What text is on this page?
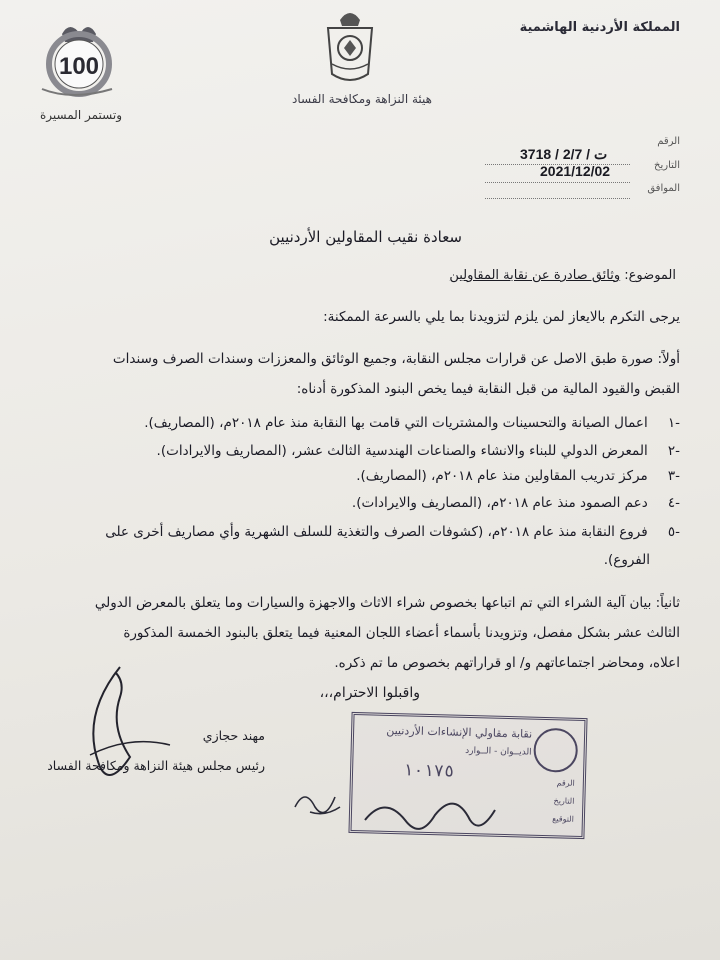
100
وتستمر المسيرة
هيئة النزاهة ومكافحة الفساد
المملكة الأردنية الهاشمية
الرقم
3718 / ت / 2/7
التاريخ
2021/12/02
الموافق
سعادة نقيب المقاولين الأردنيين
الموضوع: وثائق صادرة عن نقابة المقاولين
يرجى التكرم بالايعاز لمن يلزم لتزويدنا بما يلي بالسرعة الممكنة:
أولاً: صورة طبق الاصل عن قرارات مجلس النقابة، وجميع الوثائق والمعززات وسندات الصرف وسندات
القبض والقيود المالية من قبل النقابة فيما يخص البنود المذكورة أدناه:
-١ اعمال الصيانة والتحسينات والمشتريات التي قامت بها النقابة منذ عام ٢٠١٨م، (المصاريف).
-٢ المعرض الدولي للبناء والانشاء والصناعات الهندسية الثالث عشر، (المصاريف والايرادات).
-٣ مركز تدريب المقاولين منذ عام ٢٠١٨م، (المصاريف).
-٤ دعم الصمود منذ عام ٢٠١٨م، (المصاريف والايرادات).
-٥ فروع النقابة منذ عام ٢٠١٨م، (كشوفات الصرف والتغذية للسلف الشهرية وأي مصاريف أخرى على
الفروع).
ثانياً: بيان آلية الشراء التي تم اتباعها بخصوص شراء الاثاث والاجهزة والسيارات وما يتعلق بالمعرض الدولي
الثالث عشر بشكل مفصل، وتزويدنا بأسماء أعضاء اللجان المعنية فيما يتعلق بالبنود الخمسة المذكورة
اعلاه، ومحاضر اجتماعاتهم و/ او قراراتهم بخصوص ما تم ذكره.
واقبلوا الاحترام،،،
مهند حجازي
رئيس مجلس هيئة النزاهة ومكافحة الفساد
نقابة مقاولي الإنشاءات الأردنيين
الديــوان - الــوارد
١٠١٧٥
الرقم
التاريخ
التوقيع
